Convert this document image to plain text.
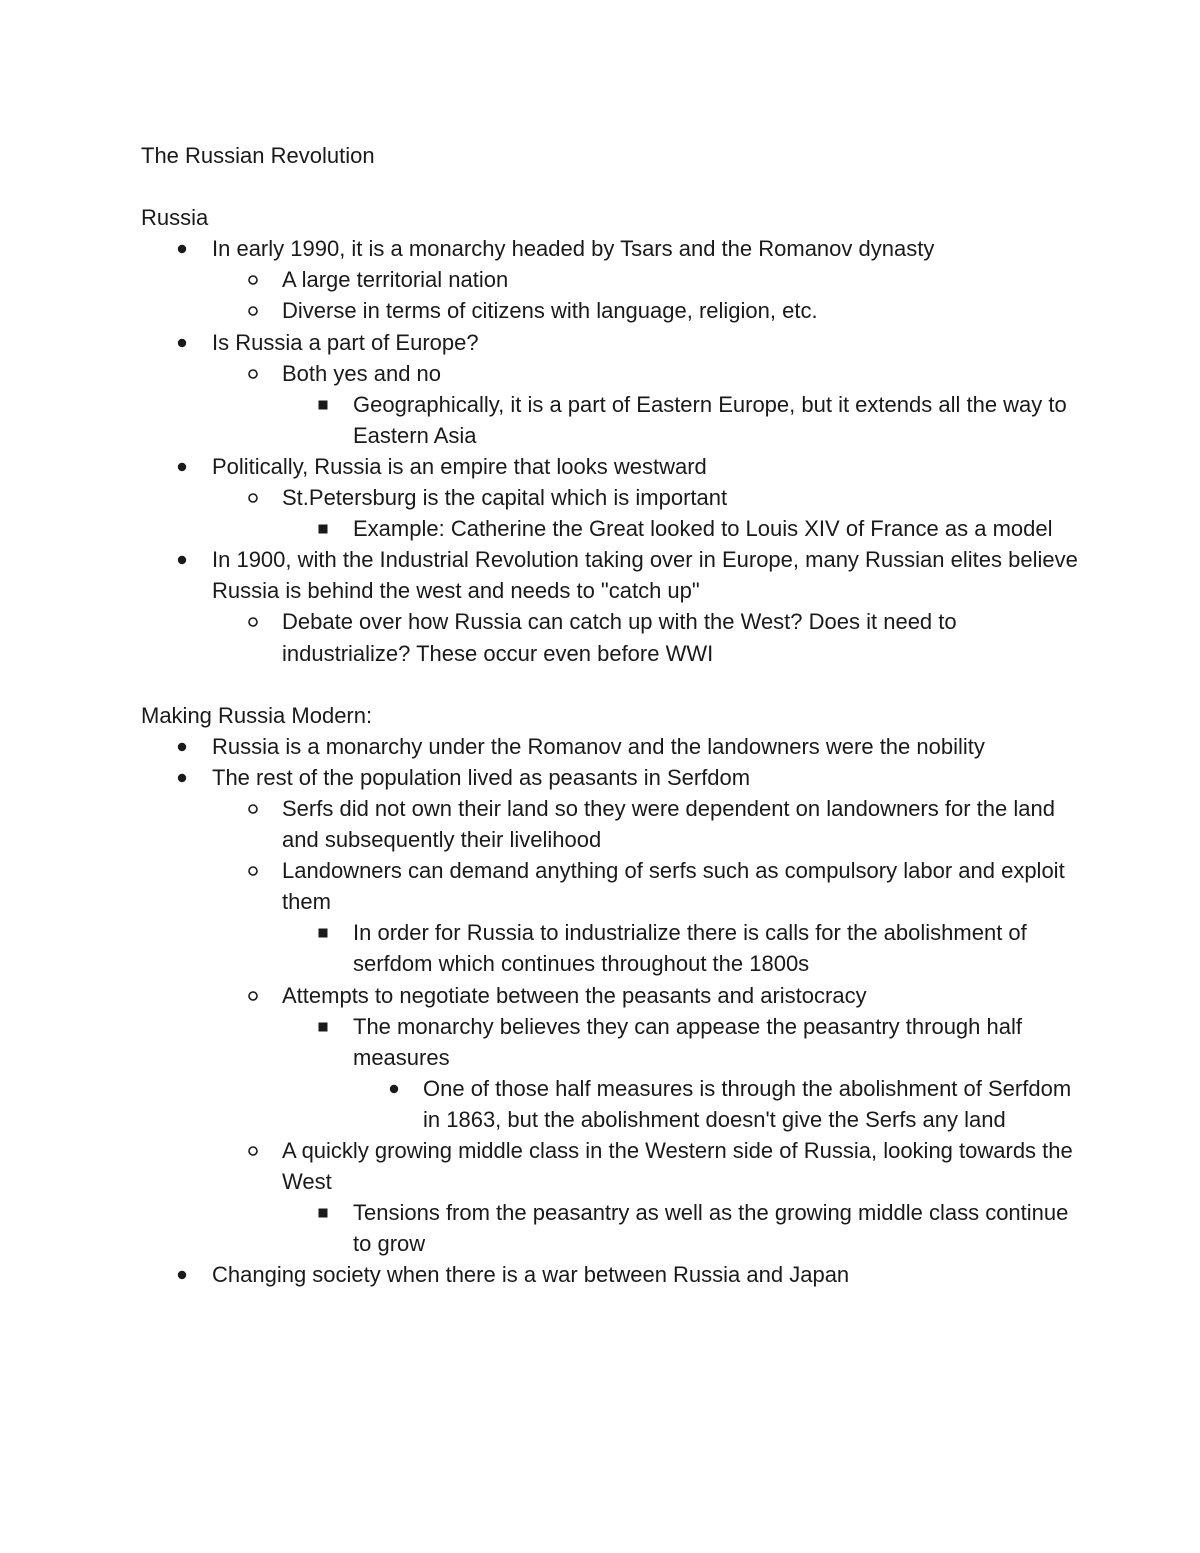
The Russian Revolution

Russia

In early 1990, it is a monarchy headed by Tsars and the Romanov dynasty
A large territorial nation
Diverse in terms of citizens with language, religion, etc.
Is Russia a part of Europe?
Both yes and no
Geographically, it is a part of Eastern Europe, but it extends all the way to Eastern Asia
Politically, Russia is an empire that looks westward
St.Petersburg is the capital which is important
Example: Catherine the Great looked to Louis XIV of France as a model
In 1900, with the Industrial Revolution taking over in Europe, many Russian elites believe Russia is behind the west and needs to "catch up"
Debate over how Russia can catch up with the West? Does it need to industrialize? These occur even before WWI

Making Russia Modern:

Russia is a monarchy under the Romanov and the landowners were the nobility
The rest of the population lived as peasants in Serfdom
Serfs did not own their land so they were dependent on landowners for the land and subsequently their livelihood
Landowners can demand anything of serfs such as compulsory labor and exploit them
In order for Russia to industrialize there is calls for the abolishment of serfdom which continues throughout the 1800s
Attempts to negotiate between the peasants and aristocracy
The monarchy believes they can appease the peasantry through half measures
One of those half measures is through the abolishment of Serfdom in 1863, but the abolishment doesn't give the Serfs any land
A quickly growing middle class in the Western side of Russia, looking towards the West
Tensions from the peasantry as well as the growing middle class continue to grow
Changing society when there is a war between Russia and Japan
